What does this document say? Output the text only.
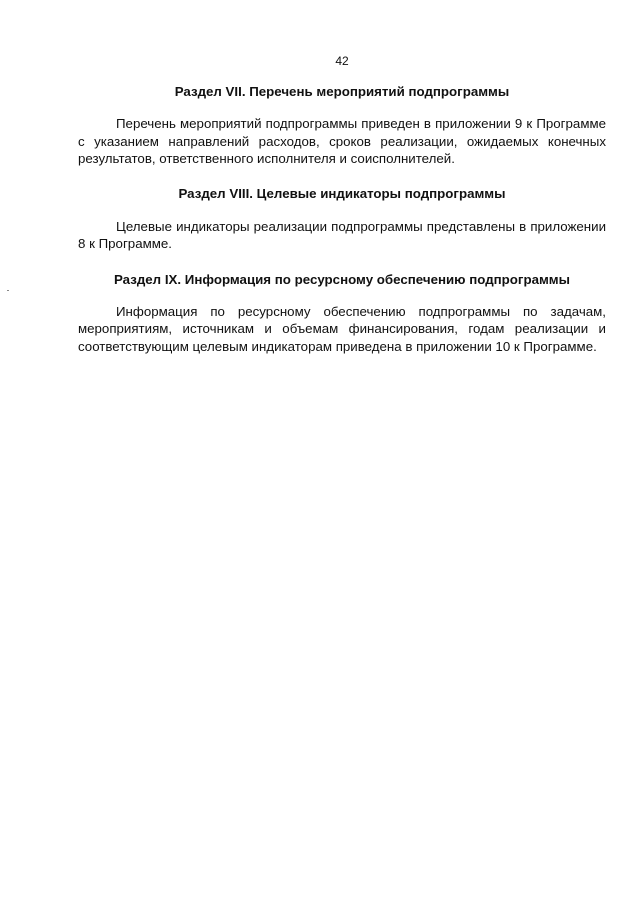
42

Раздел VII. Перечень мероприятий подпрограммы

Перечень мероприятий подпрограммы приведен в приложении 9 к Программе с указанием направлений расходов, сроков реализации, ожидаемых конечных результатов, ответственного исполнителя и соисполнителей.

Раздел VIII. Целевые индикаторы подпрограммы

Целевые индикаторы реализации подпрограммы представлены в приложении 8 к Программе.

Раздел IX. Информация по ресурсному обеспечению подпрограммы

Информация по ресурсному обеспечению подпрограммы по задачам, мероприятиям, источникам и объемам финансирования, годам реализации и соответствующим целевым индикаторам приведена в приложении 10 к Программе.
